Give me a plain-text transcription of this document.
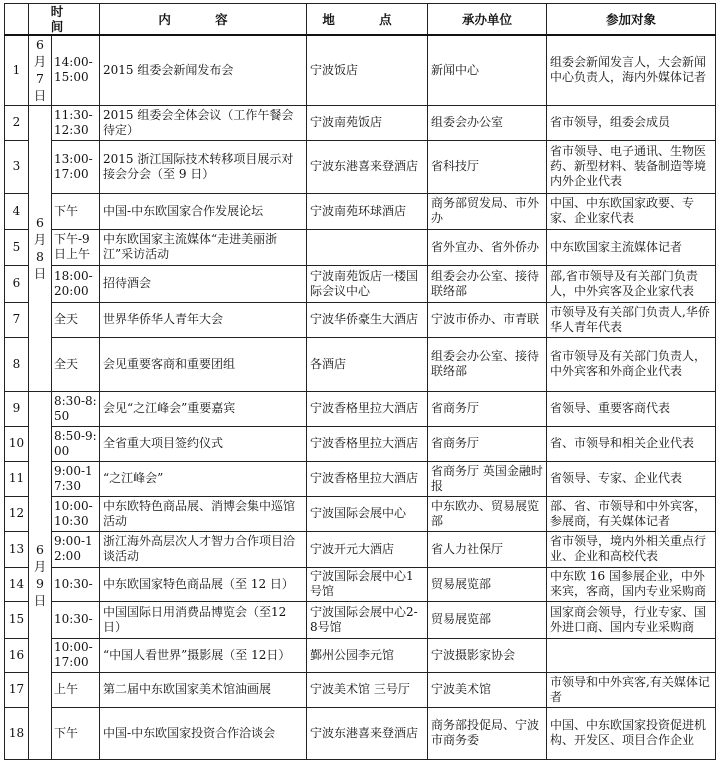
	时 间		内 容	地 点	承办单位	参加对象
1	6月7日	14:00-15:00	2015 组委会新闻发布会	宁波饭店	新闻中心	组委会新闻发言人，大会新闻中心负责人，海内外媒体记者
2	6月8日	11:30-12:30	2015 组委会全体会议（工作午餐会 待定）	宁波南苑饭店	组委会办公室	省市领导，组委会成员
3		13:00-17:00	2015 浙江国际技术转移项目展示对接会分会（至 9 日）	宁波东港喜来登酒店	省科技厅	省市领导、电子通讯、生物医药、新型材料、装备制造等境内外企业代表
4		下午	中国-中东欧国家合作发展论坛	宁波南苑环球酒店	商务部贸发局、市外办	中国、中东欧国家政要、专家、企业家代表
5		下午-9日上午	中东欧国家主流媒体“走进美丽浙江”采访活动		省外宣办、省外侨办	中东欧国家主流媒体记者
6		18:00-20:00	招待酒会	宁波南苑饭店一楼国际会议中心	组委会办公室、接待联络部	部,省市领导及有关部门负责人，中外宾客及企业家代表
7		全天	世界华侨华人青年大会	宁波华侨豪生大酒店	宁波市侨办、市青联	市领导及有关部门负责人,华侨华人青年代表
8		全天	会见重要客商和重要团组	各酒店	组委会办公室、接待联络部	省市领导及有关部门负责人，中外宾客和外商企业代表
9	6月9日	8:30-8:50	会见“之江峰会”重要嘉宾	宁波香格里拉大酒店	省商务厅	省领导、重要客商代表
10		8:50-9:00	全省重大项目签约仪式	宁波香格里拉大酒店	省商务厅	省、市领导和相关企业代表
11		9:00-17:30	“之江峰会”	宁波香格里拉大酒店	省商务厅 英国金融时报	省领导、专家、企业代表
12		10:00-10:30	中东欧特色商品展、消博会集中巡馆活动	宁波国际会展中心	中东欧办、贸易展览部	部、省、市领导和中外宾客，参展商，有关媒体记者
13		9:00-12:00	浙江海外高层次人才智力合作项目洽谈活动	宁波开元大酒店	省人力社保厅	省市领导，境内外相关重点行业、企业和高校代表
14		10:30-	中东欧国家特色商品展（至 12 日）	宁波国际会展中心1号馆	贸易展览部	中东欧 16 国参展企业，中外来宾，客商，国内专业采购商
15		10:30-	中国国际日用消费品博览会（至12日）	宁波国际会展中心2-8号馆	贸易展览部	国家商会领导，行业专家、国外进口商、国内专业采购商
16		10:00-17:00	“中国人看世界”摄影展（至 12日）	鄞州公园李元馆	宁波摄影家协会	
17		上午	第二届中东欧国家美术馆油画展	宁波美术馆 三号厅	宁波美术馆	市领导和中外宾客,有关媒体记者
18		下午	中国-中东欧国家投资合作洽谈会	宁波东港喜来登酒店	商务部投促局、宁波市商务委	中国、中东欧国家投资促进机构、开发区、项目合作企业
